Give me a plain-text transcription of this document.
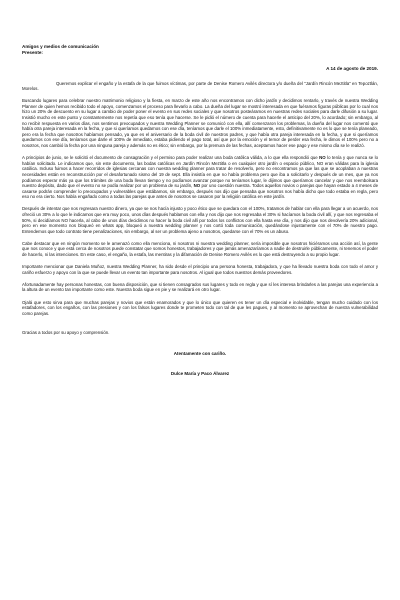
Amigos y medios de comunicación
Presente:
A 14 de agosto de 2019.

Queremos explicar el engaño y la estafa de la que fuimos víctimas, por parte de Denise Romero Avilés directora y/o dueña del "Jardín Rincón Meztitla" en Tepoztlán, Morelos.

Buscando lugares para celebrar nuestro matrimonio religioso y la fiesta, en marzo de este año nos encontramos con dicho jardín y decidimos rentarlo, y través de nuestra Wedding Planner de quien hemos recibido todo el apoyo, comenzamos el proceso para llevarlo a cabo. La dueña del lugar se mostró interesada en que fuéramos figuras públicas por lo cual nos hizo un 20% de descuento en su lugar a cambio de poder poner el evento en sus redes sociales y que nosotros posteáramos en nuestras redes sociales para darle difusión a su lugar. Insistió mucho en este punto y constantemente nos repetía que eso tenía que hacerse. Se le pidió el número de cuenta para hacerle el anticipo del 20%, lo acordado; sin embargo, al no recibir respuesta en varios días, nos sentimos preocupados y nuestra Wedding Planner se comunicó con ella, allí comenzaron los problemas, la dueña del lugar nos comentó que había otra pareja interesada en la fecha, y que si queríamos quedarnos con ese día, teníamos que darle el 100% inmediatamente, esto, definitivamente no es lo que se tenía planeado, pero era la fecha que nosotros habíamos pensado, ya que es el aniversario de la boda civil de nuestros padres, y que había otra pareja interesada en la fecha, y que si queríamos quedarnos con ese día, teníamos que darle el 100% de inmediato, estaba pidiendo el pago total, así que por la emoción y el temor de perder esa fecha, le dimos el 100% pero no a nosotros, nos cambió la fecha por una ninguna pareja y además no es ético; sin embargo, por la premura de las fechas, aceptamos hacer ese pago y ese mismo día se le realizó.

A principios de junio, se le solicitó el documento de consagración y el permiso para poder realizar una boda católica válida, a lo que ella respondió que NO lo tenía y que nunca se lo habían solicitado. Le indicamos que, sin este documento, las bodas católicas en Jardín Rincón Meztitla o en cualquier otro jardín o espacio público, NO eran válidas para la iglesia católica. Incluso fuimos a hacer recorridos de iglesias cercanas con nuestra wedding planner para tratar de resolverlo, pero no encontramos ya que las que se acoplaban a nuestras necesidades están en reconstrucción por el desafortunado sismo del 19 de sept. Ella insistía en que no había problema pero que iba a solicitarlo y después de un mes, que ya nos podíamos esperar más ya que los trámites de una boda llevan tiempo y no podíamos avanzar porque no teníamos lugar, le dijimos que queríamos cancelar y que nos reembolsara nuestro depósito, dado que el evento no se podía realizar por un problema de su jardín, NO por uno cuestión nuestra. Todos aquellos novios o parejas que hayan estado a 4 meses de casarse podrán comprender lo preocupados y vulnerables que estábamos, sin embargo, después nos dijo que pensaba que nosotros nos había dicho que todo estaba en regla, pero eso no era cierto. Nos había engañado como a todas las parejas que antes de nosotros se casaron por la religión católica en este jardín.

Después de intentar que nos regresara nuestro dinero, ya que se nos hacía injusto y poco ético que se quedara con el 100%, tratamos de hablar con ella para llegar a un acuerdo, nos ofreció un 30% a lo que le indicamos que era muy poco, unos días después hablamos con ella y nos dijo que nos regresaba el 30% si hacíamos la boda civil allí, y que nos regresaba el 50%, si decidíamos NO hacerla, al cabo de unos días decidimos no hacer la boda civil allí por todos los conflictos con ella hasta ese día, y nos dijo que nos devolvería 20% adicional, pero en ese momento nos bloqueó en whats app, bloqueó a nuestra wedding planner y nos cortó toda comunicación, quedándose injustamente con el 70% de nuestro pago. Entendemos que todo contrato tiene penalizaciones, sin embargo, al ser un problema ajeno a nosotros, quedarse con el 70% es un abuso.

Cabe destacar que en ningún momento se le amenazó como ella menciona, ni nosotros ni nuestra wedding planner, sería imposible que nosotros hiciéramos una acción así, la gente que nos conoce y que está cerca de nosotros puede constatar que somos honestos, trabajadores y que jamás amenazaríamos a nadie de destruirle públicamente, ni tenemos el poder de hacerlo, ni las intenciones. En este caso, el engaño, la estafa, las mentiras y la difamación de Denise Romero Avilés es lo que está destruyendo a su propio lugar.

Importante mencionar que Daniela Muñoz, nuestra Wedding Planner, ha sido desde el principio una persona honesta, trabajadora, y que ha llevado nuestra boda con todo el amor y cariño esfuerzo y apoyo con la que se puede llevar un evento tan importante para nosotros. Al igual que todos nuestros demás proveedores.

Afortunadamente hay personas honestas, con buena disposición, que si tienen consagrados sus lugares y todo en regla y que sí les interesa brindarles a las parejas una experiencia a la altura de un evento tan importante como este. Nuestra boda sigue en pie y se realizará en otro lugar.

Ojalá que esto sirva para que muchas parejas y novios que están enamorados y que lo único que quieren es tener un día especial e inolvidable, tengan mucho cuidado con los estafadores, con los engaños, con las presiones y con los falsos lugares donde te prometen todo con tal de que les pagues, y al momento se aprovechan de nuestra vulnerabilidad como parejas.

Gracias a todos por su apoyo y comprensión.

Atentamente con cariño.
Dulce María y Paco Álvarez
